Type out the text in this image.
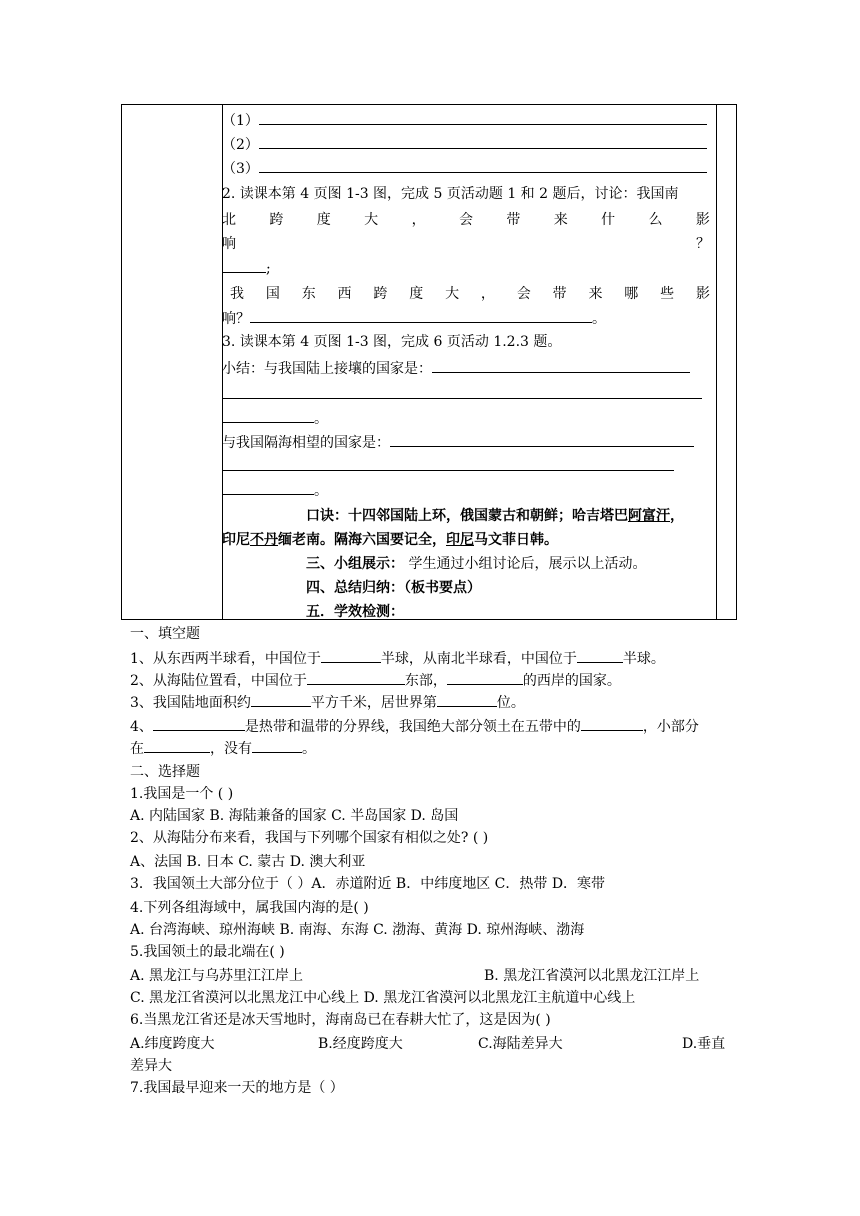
（1）
（2）
（3）
2. 读课本第 4 页图 1-3 图，完成 5 页活动题 1 和 2 题后，讨论：我国南
北 跨 度 大 ， 会 带 来 什 么 影
响	？
;
我 国 东 西 跨 度 大 ， 会 带 来 哪 些 影
响？	。
3. 读课本第 4 页图 1-3 图，完成 6 页活动 1.2.3 题。
小结：与我国陆上接壤的国家是：
。
与我国隔海相望的国家是：
。
口诀：十四邻国陆上环，俄国蒙古和朝鲜；哈吉塔巴阿富汗，
印尼不丹缅老南。隔海六国要记全，印尼马文菲日韩。
三、小组展示： 学生通过小组讨论后，展示以上活动。
四、总结归纳：（板书要点）
五．学效检测：
一、填空题
1、从东西两半球看，中国位于	半球，从南北半球看，中国位于	半球。
2、从海陆位置看，中国位于	东部，	的西岸的国家。
3、我国陆地面积约	平方千米，居世界第	位。
4、	是热带和温带的分界线，我国绝大部分领土在五带中的	，小部分
在	，没有	。
二、选择题
1.我国是一个 ( )
A. 内陆国家 B. 海陆兼备的国家 C. 半岛国家 D. 岛国
2、从海陆分布来看，我国与下列哪个国家有相似之处? ( )
A、法国 B. 日本 C. 蒙古 D. 澳大利亚
3．我国领土大部分位于（ ）A．赤道附近 B．中纬度地区 C．热带 D．寒带
4.下列各组海域中，属我国内海的是( )
A. 台湾海峡、琼州海峡 B. 南海、东海 C. 渤海、黄海 D. 琼州海峡、渤海
5.我国领土的最北端在( )
A. 黑龙江与乌苏里江江岸上	B. 黑龙江省漠河以北黑龙江江岸上
C. 黑龙江省漠河以北黑龙江中心线上 D. 黑龙江省漠河以北黑龙江主航道中心线上
6.当黑龙江省还是冰天雪地时，海南岛已在春耕大忙了，这是因为( )
A.纬度跨度大	B.经度跨度大	C.海陆差异大	D.垂直
差异大
7.我国最早迎来一天的地方是（ ）
